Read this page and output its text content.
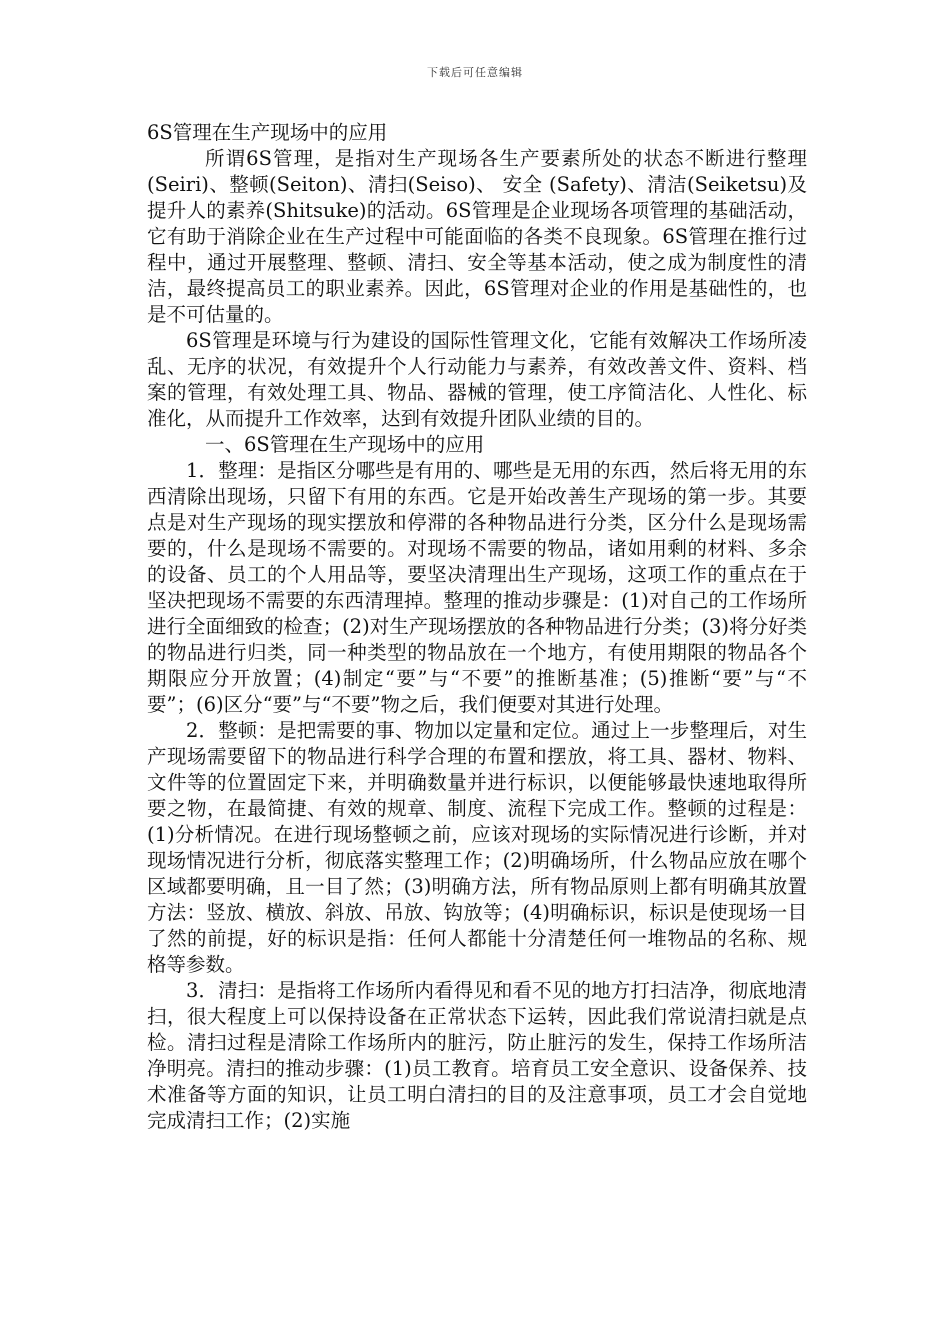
下载后可任意编辑
6S管理在生产现场中的应用

所谓6S管理，是指对生产现场各生产要素所处的状态不断进行整理(Seiri)、整顿(Seiton)、清扫(Seiso)、 安全 (Safety)、清洁(Seiketsu)及提升人的素养(Shitsuke)的活动。6S管理是企业现场各项管理的基础活动，它有助于消除企业在生产过程中可能面临的各类不良现象。6S管理在推行过程中，通过开展整理、整顿、清扫、安全等基本活动，使之成为制度性的清洁，最终提高员工的职业素养。因此，6S管理对企业的作用是基础性的，也是不可估量的。

6S管理是环境与行为建设的国际性管理文化，它能有效解决工作场所凌乱、无序的状况，有效提升个人行动能力与素养，有效改善文件、资料、档案的管理，有效处理工具、物品、器械的管理，使工序简洁化、人性化、标准化，从而提升工作效率，达到有效提升团队业绩的目的。

一、6S管理在生产现场中的应用

1．整理：是指区分哪些是有用的、哪些是无用的东西，然后将无用的东西清除出现场，只留下有用的东西。它是开始改善生产现场的第一步。其要点是对生产现场的现实摆放和停滞的各种物品进行分类，区分什么是现场需要的，什么是现场不需要的。对现场不需要的物品，诸如用剩的材料、多余的设备、员工的个人用品等，要坚决清理出生产现场，这项工作的重点在于坚决把现场不需要的东西清理掉。整理的推动步骤是：(1)对自己的工作场所进行全面细致的检查；(2)对生产现场摆放的各种物品进行分类；(3)将分好类的物品进行归类，同一种类型的物品放在一个地方，有使用期限的物品各个期限应分开放置；(4)制定“要”与“不要”的推断基准；(5)推断“要”与“不要”；(6)区分“要”与“不要”物之后，我们便要对其进行处理。

2．整顿：是把需要的事、物加以定量和定位。通过上一步整理后，对生产现场需要留下的物品进行科学合理的布置和摆放，将工具、器材、物料、文件等的位置固定下来，并明确数量并进行标识，以便能够最快速地取得所要之物，在最简捷、有效的规章、制度、流程下完成工作。整顿的过程是：(1)分析情况。在进行现场整顿之前，应该对现场的实际情况进行诊断，并对现场情况进行分析，彻底落实整理工作；(2)明确场所，什么物品应放在哪个区域都要明确，且一目了然；(3)明确方法，所有物品原则上都有明确其放置方法：竖放、横放、斜放、吊放、钩放等；(4)明确标识，标识是使现场一目了然的前提，好的标识是指：任何人都能十分清楚任何一堆物品的名称、规格等参数。

3．清扫：是指将工作场所内看得见和看不见的地方打扫洁净，彻底地清扫，很大程度上可以保持设备在正常状态下运转，因此我们常说清扫就是点检。清扫过程是清除工作场所内的脏污，防止脏污的发生，保持工作场所洁净明亮。清扫的推动步骤：(1)员工教育。培育员工安全意识、设备保养、技术准备等方面的知识，让员工明白清扫的目的及注意事项，员工才会自觉地完成清扫工作；(2)实施
